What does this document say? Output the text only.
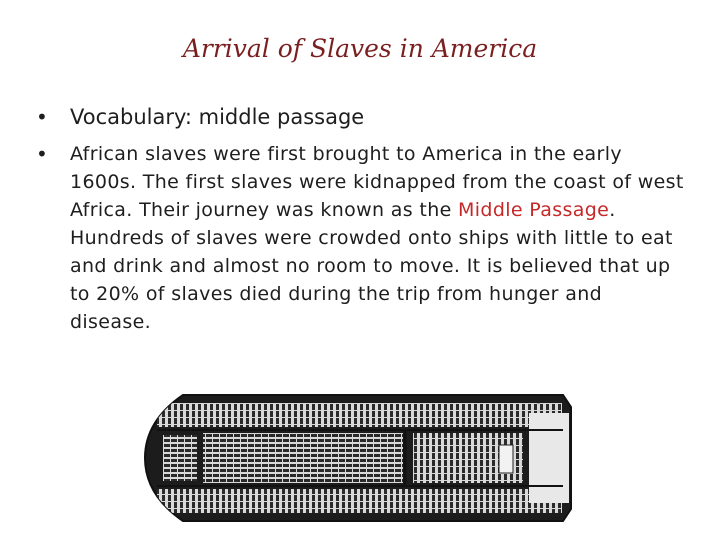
Arrival of Slaves in America
• Vocabulary: middle passage
• African slaves were first brought to America in the early 1600s. The first slaves were kidnapped from the coast of west Africa. Their journey was known as the Middle Passage. Hundreds of slaves were crowded onto ships with little to eat and drink and almost no room to move. It is believed that up to 20% of slaves died during the trip from hunger and disease.
Boys Room
Boys Room
